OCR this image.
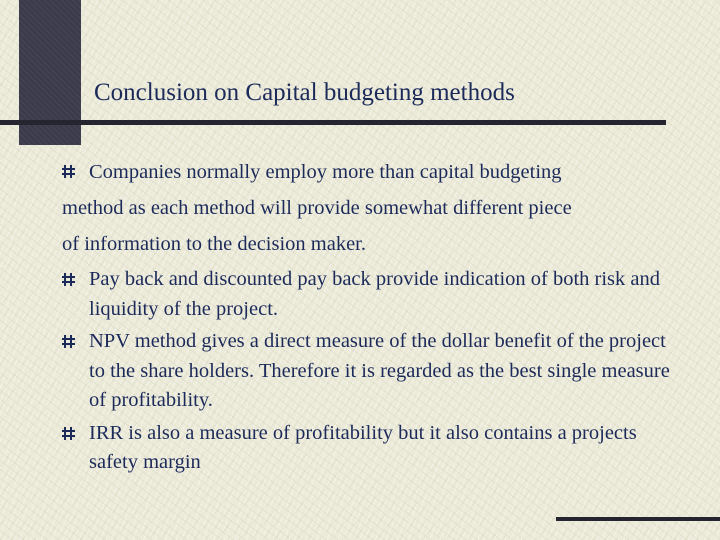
Conclusion on Capital budgeting methods
Companies normally employ more than capital budgeting
method as each method will provide somewhat different piece
of information to the decision maker.
Pay back and discounted pay back provide indication of both risk and liquidity of the project.
NPV method gives a direct measure of the dollar benefit of the project to the share holders. Therefore it is regarded as the best single measure of profitability.
IRR is also a measure of profitability but it also contains a projects safety margin
